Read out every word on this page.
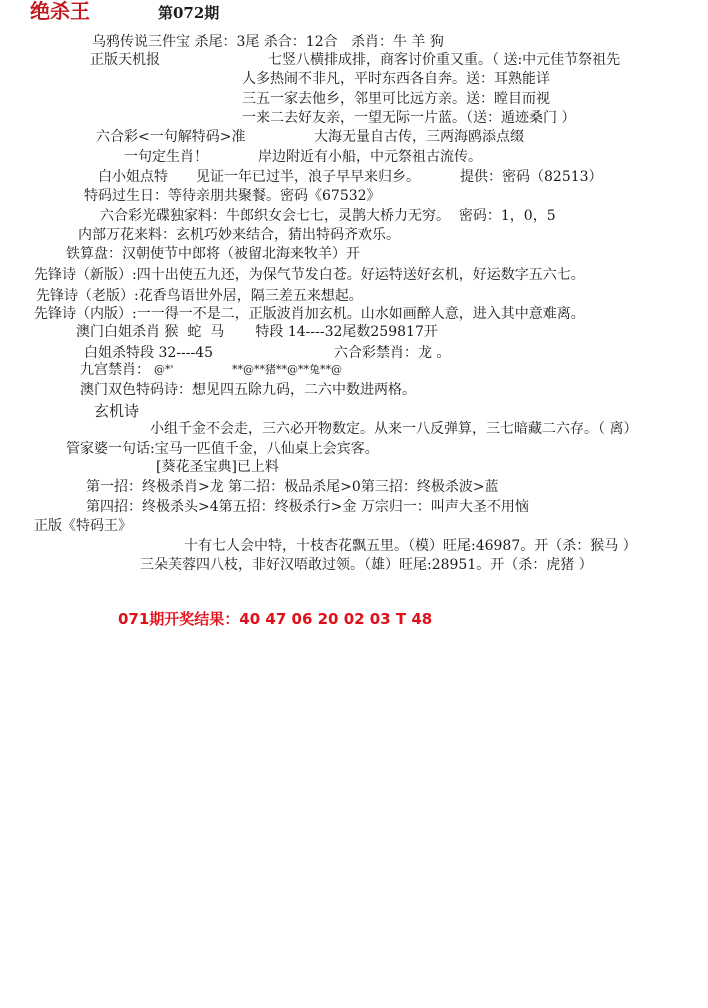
绝杀王	第072期
乌鸦传说三件宝 杀尾：3尾 杀合：12合   杀肖：牛 羊 狗
正版天机报	七竖八横排成排，商客讨价重又重。（ 送:中元佳节祭祖先
人多热闹不非凡，平时东西各自奔。送：耳熟能详
三五一家去他乡，邻里可比远方亲。送：瞠目而视
一来二去好友亲，一望无际一片蓝。（送：遁迹桑门 ）
六合彩<一句解特码>准	大海无量自古传，三两海鸥添点缀
一句定生肖！	岸边附近有小船，中元祭祖古流传。
白小姐点特 见证一年已过半，浪子早早来归乡。	提供：密码（82513）
特码过生日：等待亲朋共聚餐。密码《67532》
六合彩光碟独家料：牛郎织女会七七，灵鹊大桥力无穷。  密码：1，0，5
内部万花来料：玄机巧妙来结合，猜出特码齐欢乐。
铁算盘：汉朝使节中郎将（被留北海来牧羊）开
先锋诗（新版）:四十出使五九还，为保气节发白苍。好运特送好玄机，好运数字五六七。
先锋诗（老版）:花香鸟语世外居，隔三差五来想起。
先锋诗（内版）:一一得一不是二，正版波肖加玄机。山水如画醉人意，进入其中意难离。
澳门白姐杀肖 猴  蛇  马       特段 14----32尾数259817开
白姐杀特段 32----45	六合彩禁肖：龙 。
九宫禁肖： @*'	**@**猪**@**兔**@
澳门双色特码诗：想见四五除九码，二六中数进两格。
玄机诗
小组千金不会走，三六必开物数定。从来一八反弹算，三七暗藏二六存。（ 离）
管家婆一句话:宝马一匹值千金，八仙桌上会宾客。
[葵花圣宝典]已上料
第一招：终极杀肖>龙 第二招：极品杀尾>0第三招：终极杀波>蓝
第四招：终极杀头>4第五招：终极杀行>金 万宗归一：叫声大圣不用恼
正版《特码王》
十有七人会中特，十枝杏花飘五里。（模）旺尾:46987。开（杀：猴马 ）
三朵芙蓉四八枝，非好汉唔敢过领。（雄）旺尾:28951。开（杀：虎猪 ）
071期开奖结果：40 47 06 20 02 03 T 48
